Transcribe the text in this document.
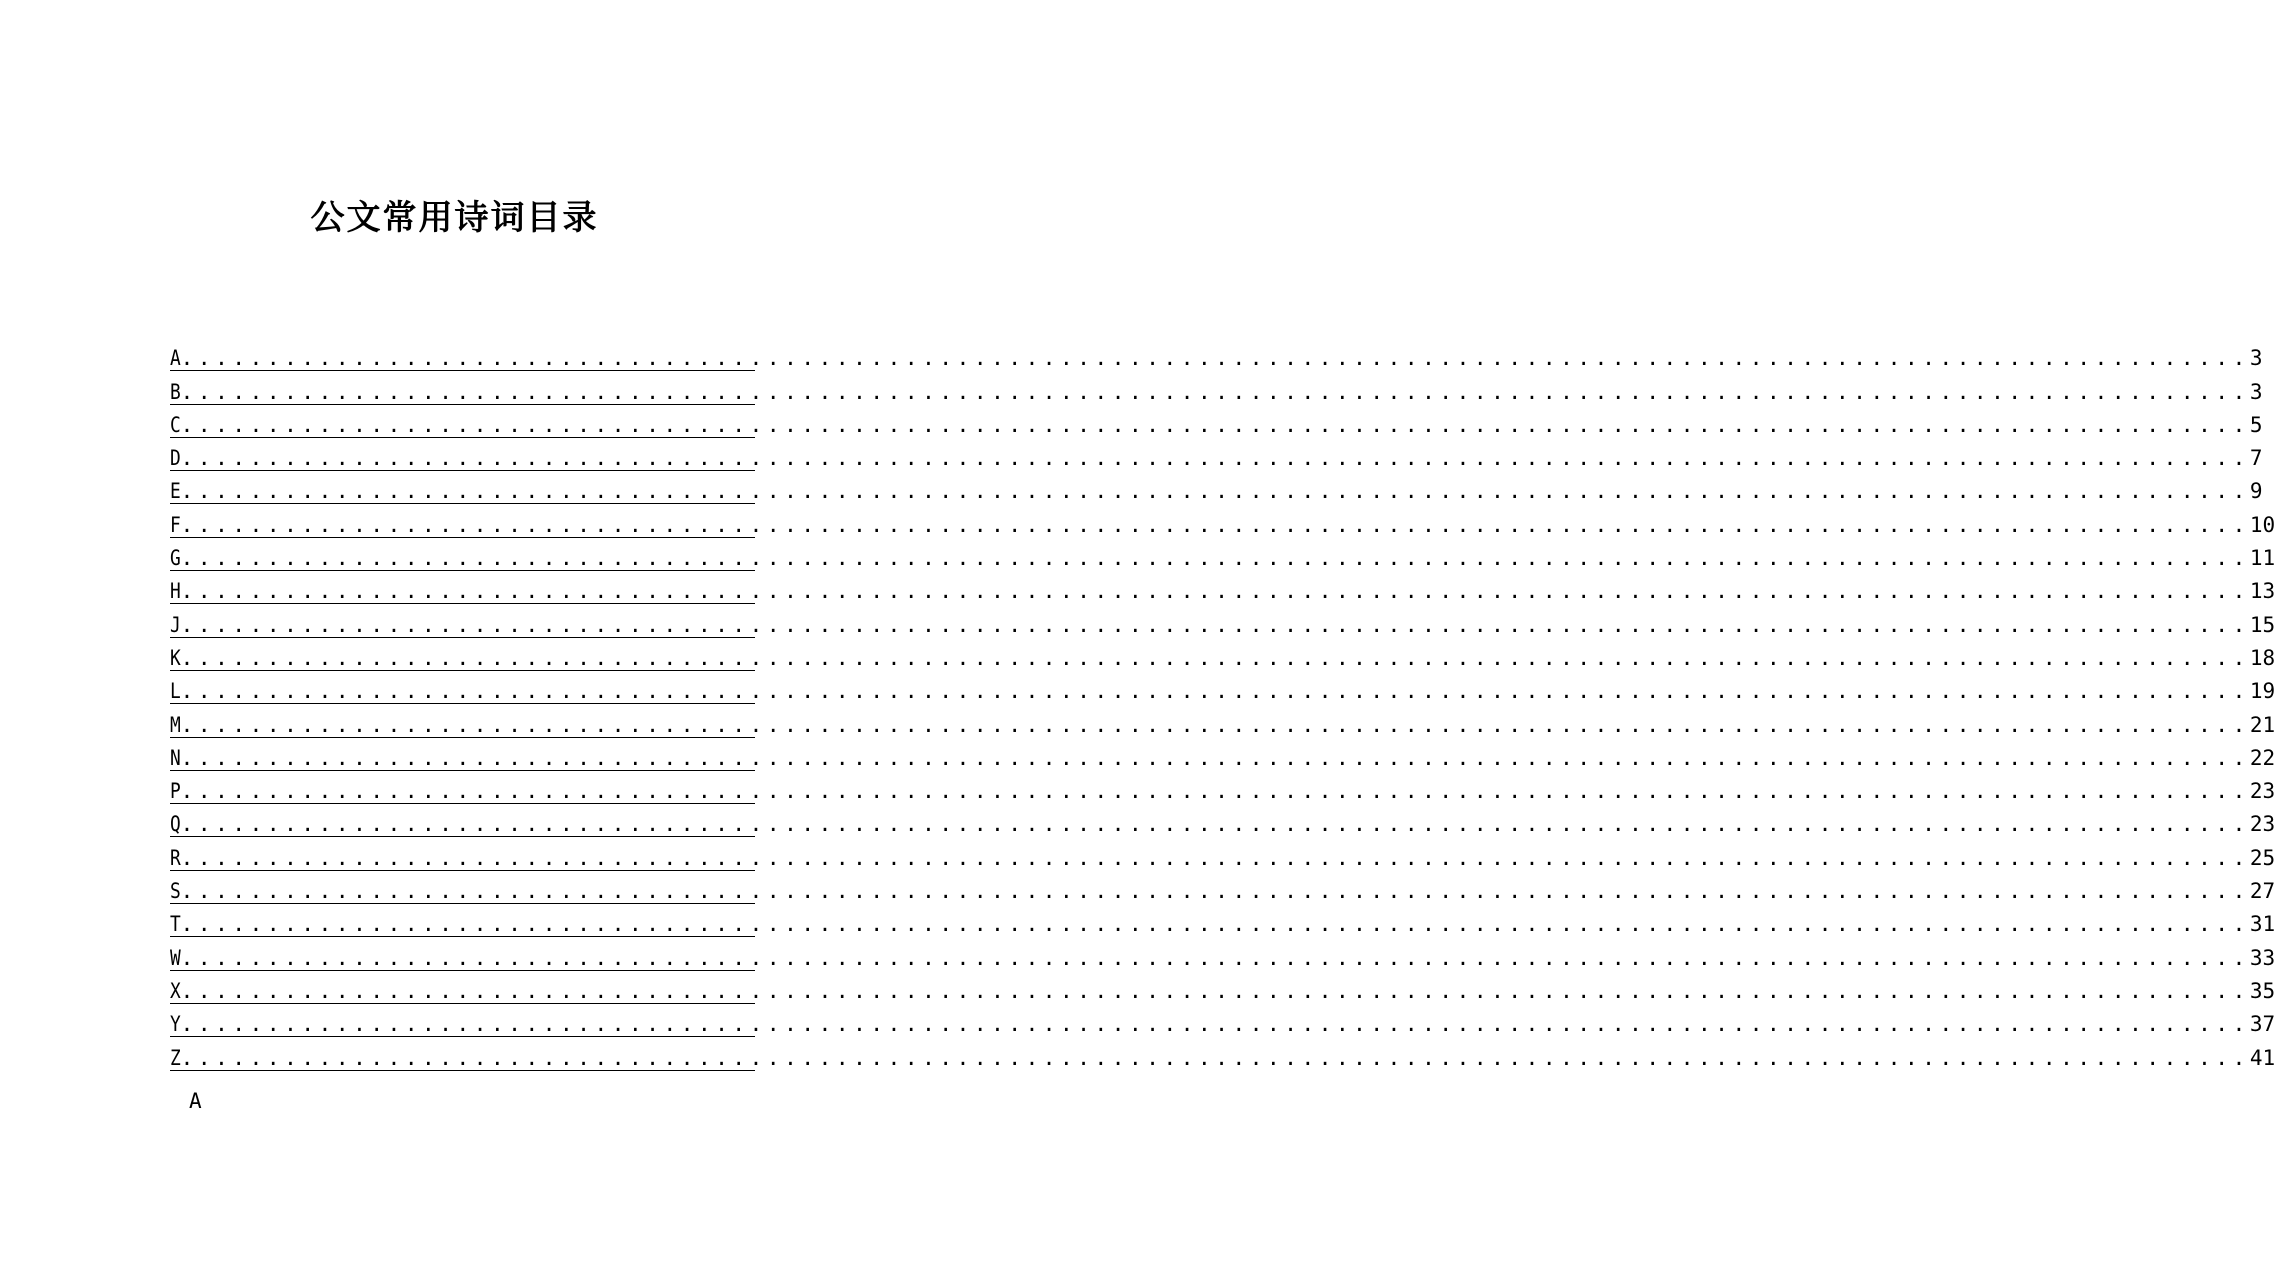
公文常用诗词目录
A ........................................................................................................................ 3
B ........................................................................................................................ 3
C ........................................................................................................................ 5
D ........................................................................................................................ 7
E ........................................................................................................................ 9
F ........................................................................................................................ 10
G ........................................................................................................................ 11
H ........................................................................................................................ 13
J ........................................................................................................................ 15
K ........................................................................................................................ 18
L ........................................................................................................................ 19
M ........................................................................................................................ 21
N ........................................................................................................................ 22
P ........................................................................................................................ 23
Q ........................................................................................................................ 23
R ........................................................................................................................ 25
S ........................................................................................................................ 27
T ........................................................................................................................ 31
W ........................................................................................................................ 33
X ........................................................................................................................ 35
Y ........................................................................................................................ 37
Z ........................................................................................................................ 41
A
